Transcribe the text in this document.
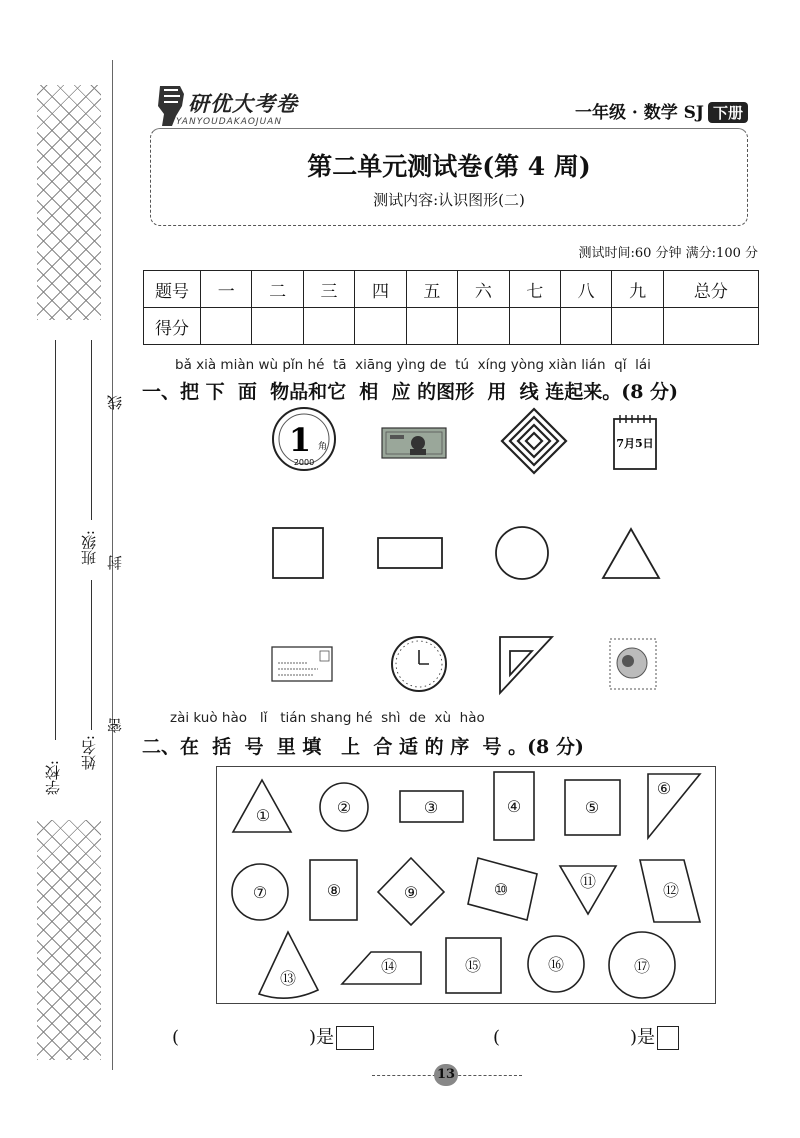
学校:
姓名:
班级:
线
封
密
研优大考卷
YANYOUDAKAOJUAN	一年级 · 数学 SJ 下册
第二单元测试卷(第 4 周)
测试内容:认识图形(二)
测试时间:60 分钟 满分:100 分
题号	一	二	三	四	五	六	七	八	九	总分
得分										
bǎ xià miàn wù pǐn hé  tā  xiāng yìng de  tú  xíng yòng xiàn lián  qǐ  lái
一、把 下  面  物品和它  相  应 的图形  用  线 连起来。(8 分)
1 角
2000
7月5日
zài kuò hào   lǐ   tián shang hé  shì  de  xù  hào
二、在  括  号  里 填   上  合 适 的 序  号 。(8 分)
①	②	③	④	⑤
⑥
⑦	⑧	⑨	⑩	⑪	⑫
⑬
⑭	⑮	⑯	⑰
(	)是	(	)是
13
